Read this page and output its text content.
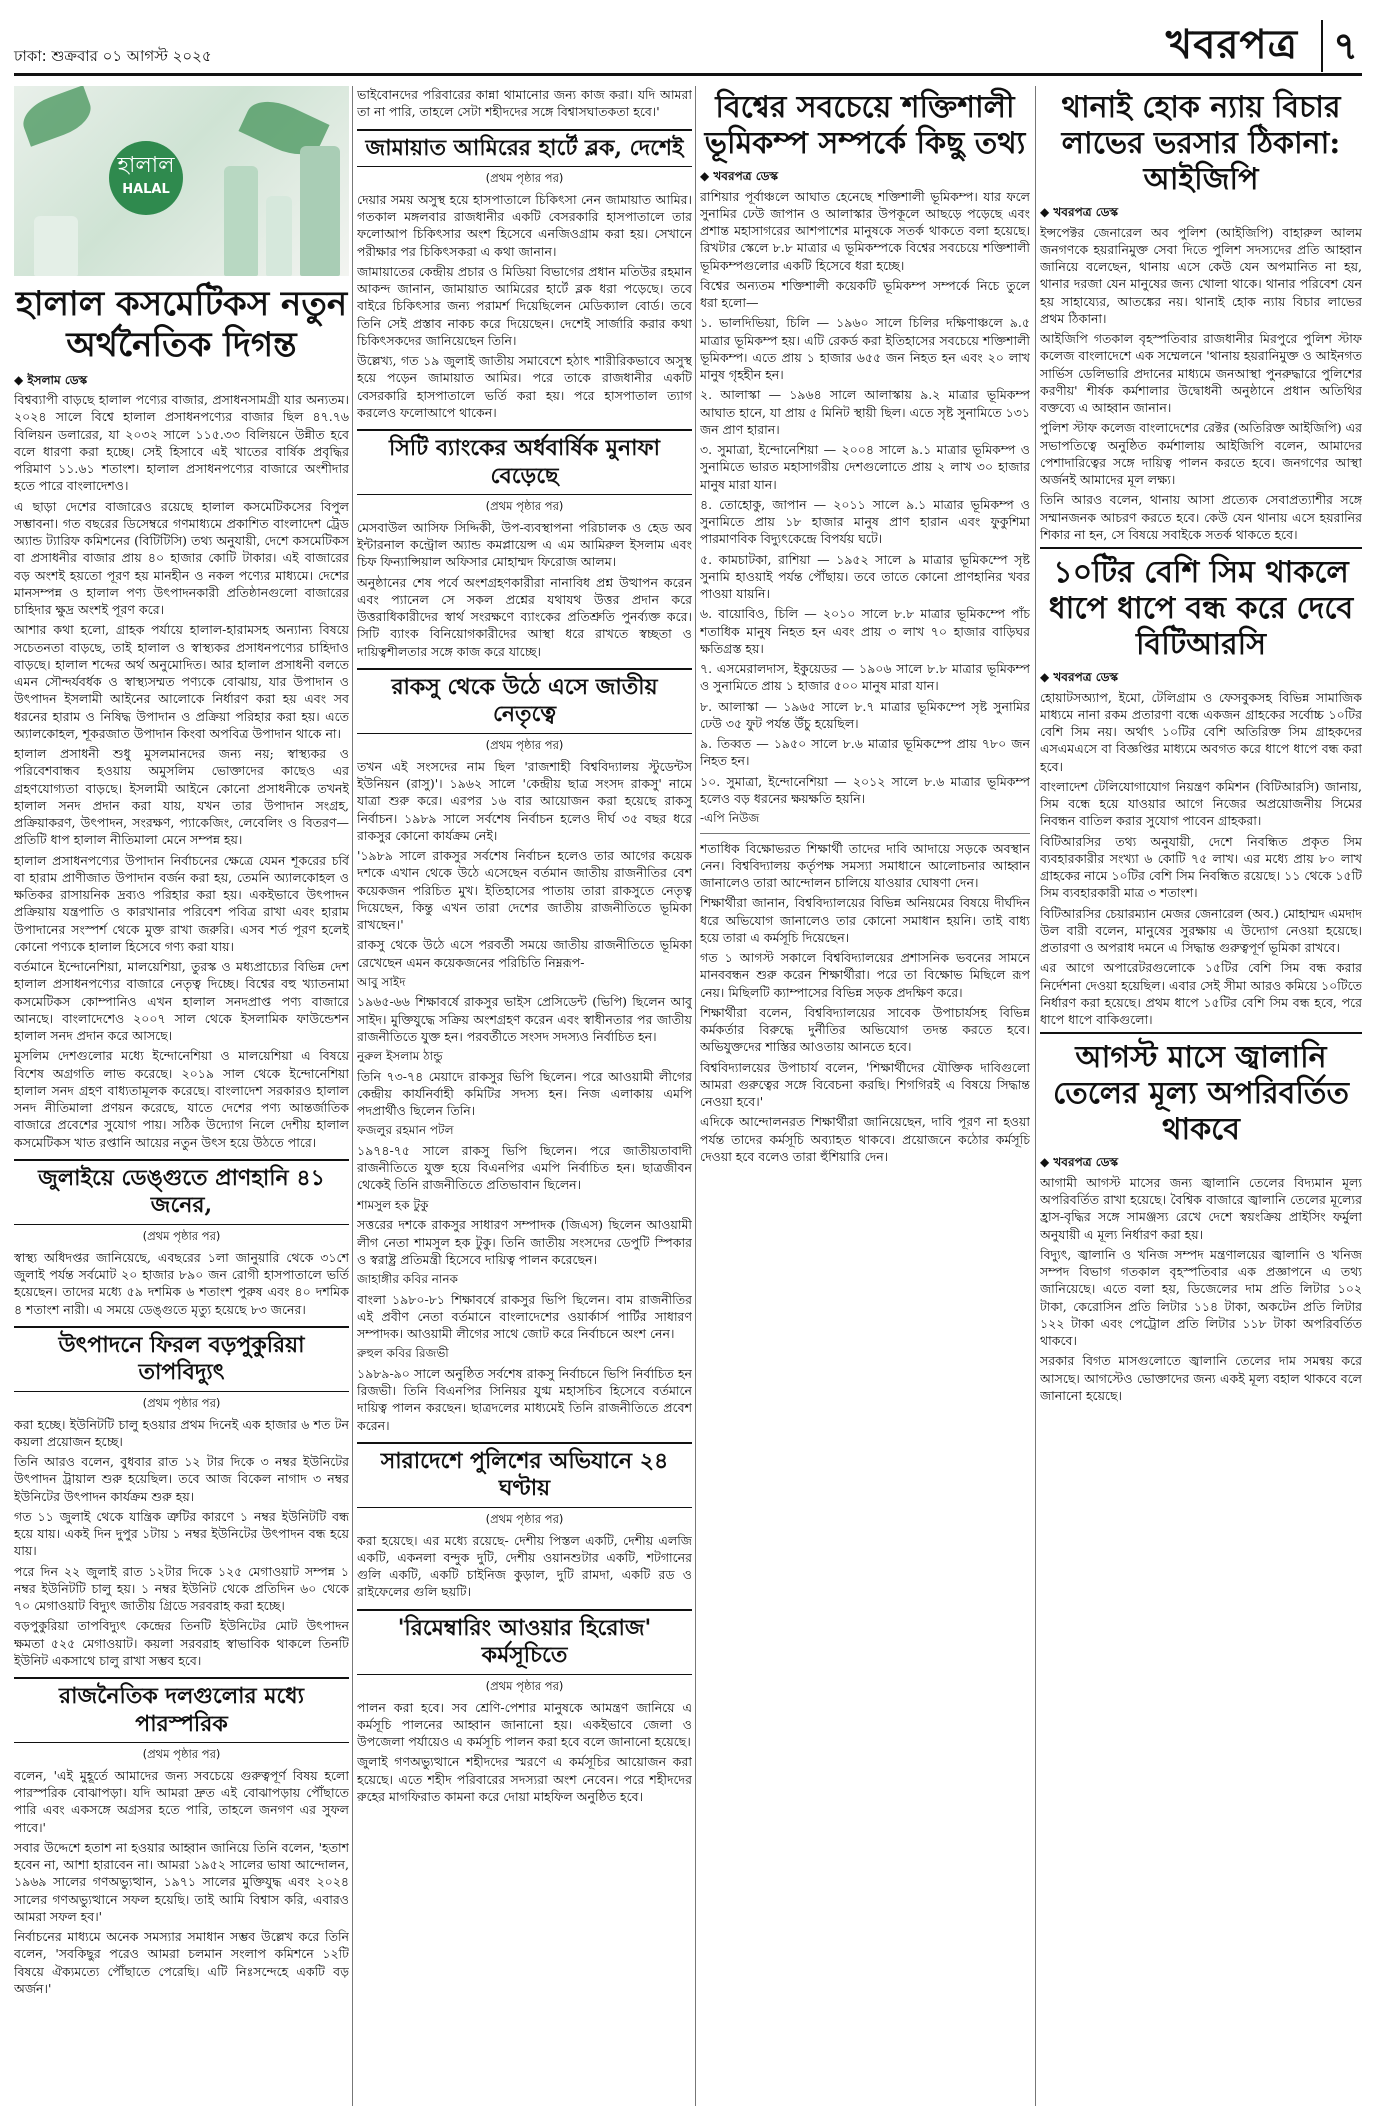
ঢাকা: শুক্রবার ০১ আগস্ট ২০২৫	খবরপত্র ৭
হালাল
HALAL
হালাল কসমেটিকস নতুন অর্থনৈতিক দিগন্ত
◆ ইসলাম ডেস্ক

বিশ্বব্যাপী বাড়ছে হালাল পণ্যের বাজার, প্রসাধনসামগ্রী যার অন্যতম। ২০২৪ সালে বিশ্বে হালাল প্রসাধনপণ্যের বাজার ছিল ৪৭.৭৬ বিলিয়ন ডলারের, যা ২০৩২ সালে ১১৫.৩৩ বিলিয়নে উন্নীত হবে বলে ধারণা করা হচ্ছে। সেই হিসাবে এই খাতের বার্ষিক প্রবৃদ্ধির পরিমাণ ১১.৬১ শতাংশ। হালাল প্রসাধনপণ্যের বাজারে অংশীদার হতে পারে বাংলাদেশও।

এ ছাড়া দেশের বাজারেও রয়েছে হালাল কসমেটিকসের বিপুল সম্ভাবনা। গত বছরের ডিসেম্বরে গণমাধ্যমে প্রকাশিত বাংলাদেশ ট্রেড অ্যান্ড ট্যারিফ কমিশনের (বিটিটিসি) তথ্য অনুযায়ী, দেশে কসমেটিকস বা প্রসাধনীর বাজার প্রায় ৪০ হাজার কোটি টাকার। এই বাজারের বড় অংশই হয়তো পূরণ হয় মানহীন ও নকল পণ্যের মাধ্যমে। দেশের মানসম্পন্ন ও হালাল পণ্য উৎপাদনকারী প্রতিষ্ঠানগুলো বাজারের চাহিদার ক্ষুদ্র অংশই পূরণ করে।

আশার কথা হলো, গ্রাহক পর্যায়ে হালাল-হারামসহ অন্যান্য বিষয়ে সচেতনতা বাড়ছে, তাই হালাল ও স্বাস্থ্যকর প্রসাধনপণ্যের চাহিদাও বাড়ছে। হালাল শব্দের অর্থ অনুমোদিত। আর হালাল প্রসাধনী বলতে এমন সৌন্দর্যবর্ধক ও স্বাস্থ্যসম্মত পণ্যকে বোঝায়, যার উপাদান ও উৎপাদন ইসলামী আইনের আলোকে নির্ধারণ করা হয় এবং সব ধরনের হারাম ও নিষিদ্ধ উপাদান ও প্রক্রিয়া পরিহার করা হয়। এতে অ্যালকোহল, শূকরজাত উপাদান কিংবা অপবিত্র উপাদান থাকে না।

হালাল প্রসাধনী শুধু মুসলমানদের জন্য নয়; স্বাস্থ্যকর ও পরিবেশবান্ধব হওয়ায় অমুসলিম ভোক্তাদের কাছেও এর গ্রহণযোগ্যতা বাড়ছে। ইসলামী আইনে কোনো প্রসাধনীকে তখনই হালাল সনদ প্রদান করা যায়, যখন তার উপাদান সংগ্রহ, প্রক্রিয়াকরণ, উৎপাদন, সংরক্ষণ, প্যাকেজিং, লেবেলিং ও বিতরণ—প্রতিটি ধাপ হালাল নীতিমালা মেনে সম্পন্ন হয়।

হালাল প্রসাধনপণ্যের উপাদান নির্বাচনের ক্ষেত্রে যেমন শূকরের চর্বি বা হারাম প্রাণীজাত উপাদান বর্জন করা হয়, তেমনি অ্যালকোহল ও ক্ষতিকর রাসায়নিক দ্রব্যও পরিহার করা হয়। একইভাবে উৎপাদন প্রক্রিয়ায় যন্ত্রপাতি ও কারখানার পরিবেশ পবিত্র রাখা এবং হারাম উপাদানের সংস্পর্শ থেকে মুক্ত রাখা জরুরি। এসব শর্ত পূরণ হলেই কোনো পণ্যকে হালাল হিসেবে গণ্য করা যায়।

বর্তমানে ইন্দোনেশিয়া, মালয়েশিয়া, তুরস্ক ও মধ্যপ্রাচ্যের বিভিন্ন দেশ হালাল প্রসাধনপণ্যের বাজারে নেতৃত্ব দিচ্ছে। বিশ্বের বহু খ্যাতনামা কসমেটিকস কোম্পানিও এখন হালাল সনদপ্রাপ্ত পণ্য বাজারে আনছে। বাংলাদেশেও ২০০৭ সাল থেকে ইসলামিক ফাউন্ডেশন হালাল সনদ প্রদান করে আসছে।

মুসলিম দেশগুলোর মধ্যে ইন্দোনেশিয়া ও মালয়েশিয়া এ বিষয়ে বিশেষ অগ্রগতি লাভ করেছে। ২০১৯ সাল থেকে ইন্দোনেশিয়া হালাল সনদ গ্রহণ বাধ্যতামূলক করেছে। বাংলাদেশ সরকারও হালাল সনদ নীতিমালা প্রণয়ন করেছে, যাতে দেশের পণ্য আন্তর্জাতিক বাজারে প্রবেশের সুযোগ পায়। সঠিক উদ্যোগ নিলে দেশীয় হালাল কসমেটিকস খাত রপ্তানি আয়ের নতুন উৎস হয়ে উঠতে পারে।

জুলাইয়ে ডেঙ্গুতে প্রাণহানি ৪১ জনের,
(প্রথম পৃষ্ঠার পর)

স্বাস্থ্য অধিদপ্তর জানিয়েছে, এবছরের ১লা জানুয়ারি থেকে ৩১শে জুলাই পর্যন্ত সর্বমোট ২০ হাজার ৮৯০ জন রোগী হাসপাতালে ভর্তি হয়েছেন। তাদের মধ্যে ৫৯ দশমিক ৬ শতাংশ পুরুষ এবং ৪০ দশমিক ৪ শতাংশ নারী। এ সময়ে ডেঙ্গুতে মৃত্যু হয়েছে ৮৩ জনের।

উৎপাদনে ফিরল বড়পুকুরিয়া তাপবিদ্যুৎ
(প্রথম পৃষ্ঠার পর)

করা হচ্ছে। ইউনিটটি চালু হওয়ার প্রথম দিনেই এক হাজার ৬ শত টন কয়লা প্রয়োজন হচ্ছে।

তিনি আরও বলেন, বুধবার রাত ১২ টার দিকে ৩ নম্বর ইউনিটের উৎপাদন ট্রায়াল শুরু হয়েছিল। তবে আজ বিকেল নাগাদ ৩ নম্বর ইউনিটের উৎপাদন কার্যক্রম শুরু হয়।

গত ১১ জুলাই থেকে যান্ত্রিক ত্রুটির কারণে ১ নম্বর ইউনিটটি বন্ধ হয়ে যায়। একই দিন দুপুর ১টায় ১ নম্বর ইউনিটের উৎপাদন বন্ধ হয়ে যায়।

পরে দিন ২২ জুলাই রাত ১২টার দিকে ১২৫ মেগাওয়াট সম্পন্ন ১ নম্বর ইউনিটটি চালু হয়। ১ নম্বর ইউনিট থেকে প্রতিদিন ৬০ থেকে ৭০ মেগাওয়াট বিদ্যুৎ জাতীয় গ্রিডে সরবরাহ করা হচ্ছে।

বড়পুকুরিয়া তাপবিদ্যুৎ কেন্দ্রের তিনটি ইউনিটের মোট উৎপাদন ক্ষমতা ৫২৫ মেগাওয়াট। কয়লা সরবরাহ স্বাভাবিক থাকলে তিনটি ইউনিট একসাথে চালু রাখা সম্ভব হবে।

রাজনৈতিক দলগুলোর মধ্যে পারস্পরিক
(প্রথম পৃষ্ঠার পর)

বলেন, 'এই মুহূর্তে আমাদের জন্য সবচেয়ে গুরুত্বপূর্ণ বিষয় হলো পারস্পরিক বোঝাপড়া। যদি আমরা দ্রুত এই বোঝাপড়ায় পৌঁছাতে পারি এবং একসঙ্গে অগ্রসর হতে পারি, তাহলে জনগণ এর সুফল পাবে।'

সবার উদ্দেশে হতাশ না হওয়ার আহ্বান জানিয়ে তিনি বলেন, 'হতাশ হবেন না, আশা হারাবেন না। আমরা ১৯৫২ সালের ভাষা আন্দোলন, ১৯৬৯ সালের গণঅভ্যুত্থান, ১৯৭১ সালের মুক্তিযুদ্ধ এবং ২০২৪ সালের গণঅভ্যুত্থানে সফল হয়েছি। তাই আমি বিশ্বাস করি, এবারও আমরা সফল হব।'

নির্বাচনের মাধ্যমে অনেক সমস্যার সমাধান সম্ভব উল্লেখ করে তিনি বলেন, 'সবকিছুর পরেও আমরা চলমান সংলাপ কমিশনে ১২টি বিষয়ে ঐক্যমত্যে পৌঁছাতে পেরেছি। এটি নিঃসন্দেহে একটি বড় অর্জন।'

ভাইবোনদের পরিবারের কান্না থামানোর জন্য কাজ করা। যদি আমরা তা না পারি, তাহলে সেটা শহীদদের সঙ্গে বিশ্বাসঘাতকতা হবে।'

জামায়াত আমিরের হার্টে ব্লক, দেশেই
(প্রথম পৃষ্ঠার পর)

দেয়ার সময় অসুস্থ হয়ে হাসপাতালে চিকিৎসা নেন জামায়াত আমির। গতকাল মঙ্গলবার রাজধানীর একটি বেসরকারি হাসপাতালে তার ফলোআপ চিকিৎসার অংশ হিসেবে এনজিওগ্রাম করা হয়। সেখানে পরীক্ষার পর চিকিৎসকরা এ কথা জানান।

জামায়াতের কেন্দ্রীয় প্রচার ও মিডিয়া বিভাগের প্রধান মতিউর রহমান আকন্দ জানান, জামায়াত আমিরের হার্টে ব্লক ধরা পড়েছে। তবে বাইরে চিকিৎসার জন্য পরামর্শ দিয়েছিলেন মেডিক্যাল বোর্ড। তবে তিনি সেই প্রস্তাব নাকচ করে দিয়েছেন। দেশেই সার্জারি করার কথা চিকিৎসকদের জানিয়েছেন তিনি।

উল্লেখ্য, গত ১৯ জুলাই জাতীয় সমাবেশে হঠাৎ শারীরিকভাবে অসুস্থ হয়ে পড়েন জামায়াত আমির। পরে তাকে রাজধানীর একটি বেসরকারি হাসপাতালে ভর্তি করা হয়। পরে হাসপাতাল ত্যাগ করলেও ফলোআপে থাকেন।

সিটি ব্যাংকের অর্ধবার্ষিক মুনাফা বেড়েছে
(প্রথম পৃষ্ঠার পর)

মেসবাউল আসিফ সিদ্দিকী, উপ-ব্যবস্থাপনা পরিচালক ও হেড অব ইন্টারনাল কন্ট্রোল অ্যান্ড কমপ্লায়েন্স এ এম আমিরুল ইসলাম এবং চিফ ফিন্যান্সিয়াল অফিসার মোহাম্মদ ফিরোজ আলম।

অনুষ্ঠানের শেষ পর্বে অংশগ্রহণকারীরা নানাবিধ প্রশ্ন উত্থাপন করেন এবং প্যানেল সে সকল প্রশ্নের যথাযথ উত্তর প্রদান করে উত্তরাধিকারীদের স্বার্থ সংরক্ষণে ব্যাংকের প্রতিশ্রুতি পুনর্ব্যক্ত করে। সিটি ব্যাংক বিনিয়োগকারীদের আস্থা ধরে রাখতে স্বচ্ছতা ও দায়িত্বশীলতার সঙ্গে কাজ করে যাচ্ছে।

রাকসু থেকে উঠে এসে জাতীয় নেতৃত্বে
(প্রথম পৃষ্ঠার পর)

তখন এই সংসদের নাম ছিল 'রাজশাহী বিশ্ববিদ্যালয় স্টুডেন্টস ইউনিয়ন (রাসু)'। ১৯৬২ সালে 'কেন্দ্রীয় ছাত্র সংসদ রাকসু' নামে যাত্রা শুরু করে। এরপর ১৬ বার আয়োজন করা হয়েছে রাকসু নির্বাচন। ১৯৮৯ সালে সর্বশেষ নির্বাচন হলেও দীর্ঘ ৩৫ বছর ধরে রাকসুর কোনো কার্যক্রম নেই।

'১৯৮৯ সালে রাকসুর সর্বশেষ নির্বাচন হলেও তার আগের কয়েক দশকে এখান থেকে উঠে এসেছেন বর্তমান জাতীয় রাজনীতির বেশ কয়েকজন পরিচিত মুখ। ইতিহাসের পাতায় তারা রাকসুতে নেতৃত্ব দিয়েছেন, কিন্তু এখন তারা দেশের জাতীয় রাজনীতিতে ভূমিকা রাখছেন।'

রাকসু থেকে উঠে এসে পরবর্তী সময়ে জাতীয় রাজনীতিতে ভূমিকা রেখেছেন এমন কয়েকজনের পরিচিতি নিম্নরূপ-

আবু সাইদ

১৯৬৫-৬৬ শিক্ষাবর্ষে রাকসুর ভাইস প্রেসিডেন্ট (ভিপি) ছিলেন আবু সাইদ। মুক্তিযুদ্ধে সক্রিয় অংশগ্রহণ করেন এবং স্বাধীনতার পর জাতীয় রাজনীতিতে যুক্ত হন। পরবর্তীতে সংসদ সদস্যও নির্বাচিত হন।

নুরুল ইসলাম ঠান্ডু

তিনি ৭৩-৭৪ মেয়াদে রাকসুর ভিপি ছিলেন। পরে আওয়ামী লীগের কেন্দ্রীয় কার্যনির্বাহী কমিটির সদস্য হন। নিজ এলাকায় এমপি পদপ্রার্থীও ছিলেন তিনি।

ফজলুর রহমান পটল

১৯৭৪-৭৫ সালে রাকসু ভিপি ছিলেন। পরে জাতীয়তাবাদী রাজনীতিতে যুক্ত হয়ে বিএনপির এমপি নির্বাচিত হন। ছাত্রজীবন থেকেই তিনি রাজনীতিতে প্রতিভাবান ছিলেন।

শামসুল হক টুকু

সত্তরের দশকে রাকসুর সাধারণ সম্পাদক (জিএস) ছিলেন আওয়ামী লীগ নেতা শামসুল হক টুকু। তিনি জাতীয় সংসদের ডেপুটি স্পিকার ও স্বরাষ্ট্র প্রতিমন্ত্রী হিসেবে দায়িত্ব পালন করেছেন।

জাহাঙ্গীর কবির নানক

বাংলা ১৯৮০-৮১ শিক্ষাবর্ষে রাকসুর ভিপি ছিলেন। বাম রাজনীতির এই প্রবীণ নেতা বর্তমানে বাংলাদেশের ওয়ার্কার্স পার্টির সাধারণ সম্পাদক। আওয়ামী লীগের সাথে জোট করে নির্বাচনে অংশ নেন।

রুহুল কবির রিজভী

১৯৮৯-৯০ সালে অনুষ্ঠিত সর্বশেষ রাকসু নির্বাচনে ভিপি নির্বাচিত হন রিজভী। তিনি বিএনপির সিনিয়র যুগ্ম মহাসচিব হিসেবে বর্তমানে দায়িত্ব পালন করছেন। ছাত্রদলের মাধ্যমেই তিনি রাজনীতিতে প্রবেশ করেন।

সারাদেশে পুলিশের অভিযানে ২৪ ঘণ্টায়
(প্রথম পৃষ্ঠার পর)

করা হয়েছে। এর মধ্যে রয়েছে- দেশীয় পিস্তল একটি, দেশীয় এলজি একটি, একনলা বন্দুক দুটি, দেশীয় ওয়ানশুটার একটি, শটগানের গুলি একটি, একটি চাইনিজ কুড়াল, দুটি রামদা, একটি রড ও রাইফেলের গুলি ছয়টি।

'রিমেম্বারিং আওয়ার হিরোজ' কর্মসূচিতে
(প্রথম পৃষ্ঠার পর)

পালন করা হবে। সব শ্রেণি-পেশার মানুষকে আমন্ত্রণ জানিয়ে এ কর্মসূচি পালনের আহ্বান জানানো হয়। একইভাবে জেলা ও উপজেলা পর্যায়েও এ কর্মসূচি পালন করা হবে বলে জানানো হয়েছে।

জুলাই গণঅভ্যুত্থানে শহীদদের স্মরণে এ কর্মসূচির আয়োজন করা হয়েছে। এতে শহীদ পরিবারের সদস্যরা অংশ নেবেন। পরে শহীদদের রুহের মাগফিরাত কামনা করে দোয়া মাহফিল অনুষ্ঠিত হবে।

বিশ্বের সবচেয়ে শক্তিশালী ভূমিকম্প সম্পর্কে কিছু তথ্য
◆ খবরপত্র ডেস্ক

রাশিয়ার পূর্বাঞ্চলে আঘাত হেনেছে শক্তিশালী ভূমিকম্প। যার ফলে সুনামির ঢেউ জাপান ও আলাস্কার উপকূলে আছড়ে পড়েছে এবং প্রশান্ত মহাসাগরের আশপাশের মানুষকে সতর্ক থাকতে বলা হয়েছে। রিখটার স্কেলে ৮.৮ মাত্রার এ ভূমিকম্পকে বিশ্বের সবচেয়ে শক্তিশালী ভূমিকম্পগুলোর একটি হিসেবে ধরা হচ্ছে।

বিশ্বের অন্যতম শক্তিশালী কয়েকটি ভূমিকম্প সম্পর্কে নিচে তুলে ধরা হলো—

১. ভালদিভিয়া, চিলি — ১৯৬০ সালে চিলির দক্ষিণাঞ্চলে ৯.৫ মাত্রার ভূমিকম্প হয়। এটি রেকর্ড করা ইতিহাসের সবচেয়ে শক্তিশালী ভূমিকম্প। এতে প্রায় ১ হাজার ৬৫৫ জন নিহত হন এবং ২০ লাখ মানুষ গৃহহীন হন।

২. আলাস্কা — ১৯৬৪ সালে আলাস্কায় ৯.২ মাত্রার ভূমিকম্প আঘাত হানে, যা প্রায় ৫ মিনিট স্থায়ী ছিল। এতে সৃষ্ট সুনামিতে ১৩১ জন প্রাণ হারান।

৩. সুমাত্রা, ইন্দোনেশিয়া — ২০০৪ সালে ৯.১ মাত্রার ভূমিকম্প ও সুনামিতে ভারত মহাসাগরীয় দেশগুলোতে প্রায় ২ লাখ ৩০ হাজার মানুষ মারা যান।

৪. তোহোকু, জাপান — ২০১১ সালে ৯.১ মাত্রার ভূমিকম্প ও সুনামিতে প্রায় ১৮ হাজার মানুষ প্রাণ হারান এবং ফুকুশিমা পারমাণবিক বিদ্যুৎকেন্দ্রে বিপর্যয় ঘটে।

৫. কামচাটকা, রাশিয়া — ১৯৫২ সালে ৯ মাত্রার ভূমিকম্পে সৃষ্ট সুনামি হাওয়াই পর্যন্ত পৌঁছায়। তবে তাতে কোনো প্রাণহানির খবর পাওয়া যায়নি।

৬. বায়োবিও, চিলি — ২০১০ সালে ৮.৮ মাত্রার ভূমিকম্পে পাঁচ শতাধিক মানুষ নিহত হন এবং প্রায় ৩ লাখ ৭০ হাজার বাড়িঘর ক্ষতিগ্রস্ত হয়।

৭. এসমেরালদাস, ইকুয়েডর — ১৯০৬ সালে ৮.৮ মাত্রার ভূমিকম্প ও সুনামিতে প্রায় ১ হাজার ৫০০ মানুষ মারা যান।

৮. আলাস্কা — ১৯৬৫ সালে ৮.৭ মাত্রার ভূমিকম্পে সৃষ্ট সুনামির ঢেউ ৩৫ ফুট পর্যন্ত উঁচু হয়েছিল।

৯. তিব্বত — ১৯৫০ সালে ৮.৬ মাত্রার ভূমিকম্পে প্রায় ৭৮০ জন নিহত হন।

১০. সুমাত্রা, ইন্দোনেশিয়া — ২০১২ সালে ৮.৬ মাত্রার ভূমিকম্প হলেও বড় ধরনের ক্ষয়ক্ষতি হয়নি।

-এপি নিউজ

শতাধিক বিক্ষোভরত শিক্ষার্থী তাদের দাবি আদায়ে সড়কে অবস্থান নেন। বিশ্ববিদ্যালয় কর্তৃপক্ষ সমস্যা সমাধানে আলোচনার আহ্বান জানালেও তারা আন্দোলন চালিয়ে যাওয়ার ঘোষণা দেন।

শিক্ষার্থীরা জানান, বিশ্ববিদ্যালয়ের বিভিন্ন অনিয়মের বিষয়ে দীর্ঘদিন ধরে অভিযোগ জানালেও তার কোনো সমাধান হয়নি। তাই বাধ্য হয়ে তারা এ কর্মসূচি দিয়েছেন।

গত ১ আগস্ট সকালে বিশ্ববিদ্যালয়ের প্রশাসনিক ভবনের সামনে মানববন্ধন শুরু করেন শিক্ষার্থীরা। পরে তা বিক্ষোভ মিছিলে রূপ নেয়। মিছিলটি ক্যাম্পাসের বিভিন্ন সড়ক প্রদক্ষিণ করে।

শিক্ষার্থীরা বলেন, বিশ্ববিদ্যালয়ের সাবেক উপাচার্যসহ বিভিন্ন কর্মকর্তার বিরুদ্ধে দুর্নীতির অভিযোগ তদন্ত করতে হবে। অভিযুক্তদের শাস্তির আওতায় আনতে হবে।

বিশ্ববিদ্যালয়ের উপাচার্য বলেন, 'শিক্ষার্থীদের যৌক্তিক দাবিগুলো আমরা গুরুত্বের সঙ্গে বিবেচনা করছি। শিগগিরই এ বিষয়ে সিদ্ধান্ত নেওয়া হবে।'

এদিকে আন্দোলনরত শিক্ষার্থীরা জানিয়েছেন, দাবি পূরণ না হওয়া পর্যন্ত তাদের কর্মসূচি অব্যাহত থাকবে। প্রয়োজনে কঠোর কর্মসূচি দেওয়া হবে বলেও তারা হুঁশিয়ারি দেন।

থানাই হোক ন্যায় বিচার লাভের ভরসার ঠিকানা: আইজিপি
◆ খবরপত্র ডেস্ক

ইন্সপেক্টর জেনারেল অব পুলিশ (আইজিপি) বাহারুল আলম জনগণকে হয়রানিমুক্ত সেবা দিতে পুলিশ সদস্যদের প্রতি আহ্বান জানিয়ে বলেছেন, থানায় এসে কেউ যেন অপমানিত না হয়, থানার দরজা যেন মানুষের জন্য খোলা থাকে। থানার পরিবেশ যেন হয় সাহায্যের, আতঙ্কের নয়। থানাই হোক ন্যায় বিচার লাভের প্রথম ঠিকানা।

আইজিপি গতকাল বৃহস্পতিবার রাজধানীর মিরপুরে পুলিশ স্টাফ কলেজ বাংলাদেশে এক সম্মেলনে 'থানায় হয়রানিমুক্ত ও আইনগত সার্ভিস ডেলিভারি প্রদানের মাধ্যমে জনআস্থা পুনরুদ্ধারে পুলিশের করণীয়' শীর্ষক কর্মশালার উদ্বোধনী অনুষ্ঠানে প্রধান অতিথির বক্তব্যে এ আহ্বান জানান।

পুলিশ স্টাফ কলেজ বাংলাদেশের রেক্টর (অতিরিক্ত আইজিপি) এর সভাপতিত্বে অনুষ্ঠিত কর্মশালায় আইজিপি বলেন, আমাদের পেশাদারিত্বের সঙ্গে দায়িত্ব পালন করতে হবে। জনগণের আস্থা অর্জনই আমাদের মূল লক্ষ্য।

তিনি আরও বলেন, থানায় আসা প্রত্যেক সেবাপ্রত্যাশীর সঙ্গে সম্মানজনক আচরণ করতে হবে। কেউ যেন থানায় এসে হয়রানির শিকার না হন, সে বিষয়ে সবাইকে সতর্ক থাকতে হবে।

১০টির বেশি সিম থাকলে ধাপে ধাপে বন্ধ করে দেবে বিটিআরসি
◆ খবরপত্র ডেস্ক

হোয়াটসঅ্যাপ, ইমো, টেলিগ্রাম ও ফেসবুকসহ বিভিন্ন সামাজিক মাধ্যমে নানা রকম প্রতারণা বন্ধে একজন গ্রাহকের সর্বোচ্চ ১০টির বেশি সিম নয়। অর্থাৎ ১০টির বেশি অতিরিক্ত সিম গ্রাহকদের এসএমএসে বা বিজ্ঞপ্তির মাধ্যমে অবগত করে ধাপে ধাপে বন্ধ করা হবে।

বাংলাদেশ টেলিযোগাযোগ নিয়ন্ত্রণ কমিশন (বিটিআরসি) জানায়, সিম বন্ধে হয়ে যাওয়ার আগে নিজের অপ্রয়োজনীয় সিমের নিবন্ধন বাতিল করার সুযোগ পাবেন গ্রাহকরা।

বিটিআরসির তথ্য অনুযায়ী, দেশে নিবন্ধিত প্রকৃত সিম ব্যবহারকারীর সংখ্যা ৬ কোটি ৭৫ লাখ। এর মধ্যে প্রায় ৮০ লাখ গ্রাহকের নামে ১০টির বেশি সিম নিবন্ধিত রয়েছে। ১১ থেকে ১৫টি সিম ব্যবহারকারী মাত্র ৩ শতাংশ।

বিটিআরসির চেয়ারম্যান মেজর জেনারেল (অব.) মোহাম্মদ এমদাদ উল বারী বলেন, মানুষের সুরক্ষায় এ উদ্যোগ নেওয়া হয়েছে। প্রতারণা ও অপরাধ দমনে এ সিদ্ধান্ত গুরুত্বপূর্ণ ভূমিকা রাখবে।

এর আগে অপারেটরগুলোকে ১৫টির বেশি সিম বন্ধ করার নির্দেশনা দেওয়া হয়েছিল। এবার সেই সীমা আরও কমিয়ে ১০টিতে নির্ধারণ করা হয়েছে। প্রথম ধাপে ১৫টির বেশি সিম বন্ধ হবে, পরে ধাপে ধাপে বাকিগুলো।

আগস্ট মাসে জ্বালানি তেলের মূল্য অপরিবর্তিত থাকবে
◆ খবরপত্র ডেস্ক

আগামী আগস্ট মাসের জন্য জ্বালানি তেলের বিদ্যমান মূল্য অপরিবর্তিত রাখা হয়েছে। বৈশ্বিক বাজারে জ্বালানি তেলের মূল্যের হ্রাস-বৃদ্ধির সঙ্গে সামঞ্জস্য রেখে দেশে স্বয়ংক্রিয় প্রাইসিং ফর্মুলা অনুযায়ী এ মূল্য নির্ধারণ করা হয়।

বিদ্যুৎ, জ্বালানি ও খনিজ সম্পদ মন্ত্রণালয়ের জ্বালানি ও খনিজ সম্পদ বিভাগ গতকাল বৃহস্পতিবার এক প্রজ্ঞাপনে এ তথ্য জানিয়েছে। এতে বলা হয়, ডিজেলের দাম প্রতি লিটার ১০২ টাকা, কেরোসিন প্রতি লিটার ১১৪ টাকা, অকটেন প্রতি লিটার ১২২ টাকা এবং পেট্রোল প্রতি লিটার ১১৮ টাকা অপরিবর্তিত থাকবে।

সরকার বিগত মাসগুলোতে জ্বালানি তেলের দাম সমন্বয় করে আসছে। আগস্টেও ভোক্তাদের জন্য একই মূল্য বহাল থাকবে বলে জানানো হয়েছে।
